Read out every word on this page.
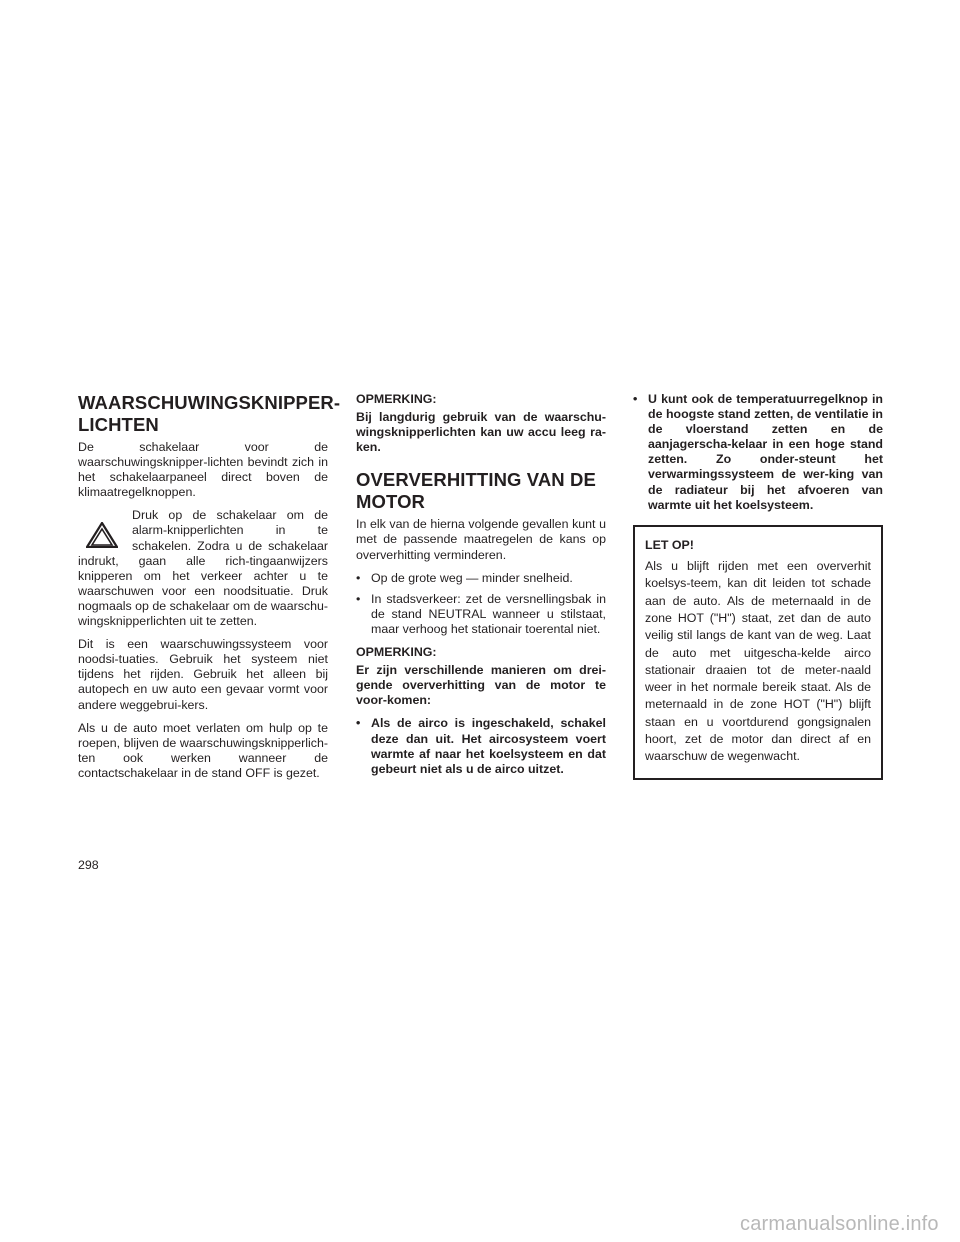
WAARSCHUWINGSKNIPPER-
LICHTEN

De schakelaar voor de waarschuwingsknipper-lichten bevindt zich in het schakelaarpaneel direct boven de klimaatregelknoppen.

Druk op de schakelaar om de alarm-knipperlichten in te schakelen. Zodra u de schakelaar indrukt, gaan alle rich-tingaanwijzers knipperen om het verkeer achter u te waarschuwen voor een noodsituatie. Druk nogmaals op de schakelaar om de waarschu-wingsknipperlichten uit te zetten.

Dit is een waarschuwingssysteem voor noodsi-tuaties. Gebruik het systeem niet tijdens het rijden. Gebruik het alleen bij autopech en uw auto een gevaar vormt voor andere weggebrui-kers.

Als u de auto moet verlaten om hulp op te roepen, blijven de waarschuwingsknipperlich-ten ook werken wanneer de contactschakelaar in de stand OFF is gezet.

OPMERKING:

Bij langdurig gebruik van de waarschu-wingsknipperlichten kan uw accu leeg ra-ken.

OVERVERHITTING VAN DE
MOTOR

In elk van de hierna volgende gevallen kunt u met de passende maatregelen de kans op oververhitting verminderen.

• Op de grote weg — minder snelheid.
• In stadsverkeer: zet de versnellingsbak in de stand NEUTRAL wanneer u stilstaat, maar verhoog het stationair toerental niet.
OPMERKING:

Er zijn verschillende manieren om drei-gende oververhitting van de motor te voor-komen:

• Als de airco is ingeschakeld, schakel deze dan uit. Het aircosysteem voert warmte af naar het koelsysteem en dat gebeurt niet als u de airco uitzet.
• U kunt ook de temperatuurregelknop in de hoogste stand zetten, de ventilatie in de vloerstand zetten en de aanjagerscha-kelaar in een hoge stand zetten. Zo onder-steunt het verwarmingssysteem de wer-king van de radiateur bij het afvoeren van warmte uit het koelsysteem.
LET OP!

Als u blijft rijden met een oververhit koelsys-teem, kan dit leiden tot schade aan de auto. Als de meternaald in de zone HOT ("H") staat, zet dan de auto veilig stil langs de kant van de weg. Laat de auto met uitgescha-kelde airco stationair draaien tot de meter-naald weer in het normale bereik staat. Als de meternaald in de zone HOT ("H") blijft staan en u voortdurend gongsignalen hoort, zet de motor dan direct af en waarschuw de wegenwacht.

298
carmanualsonline.info
